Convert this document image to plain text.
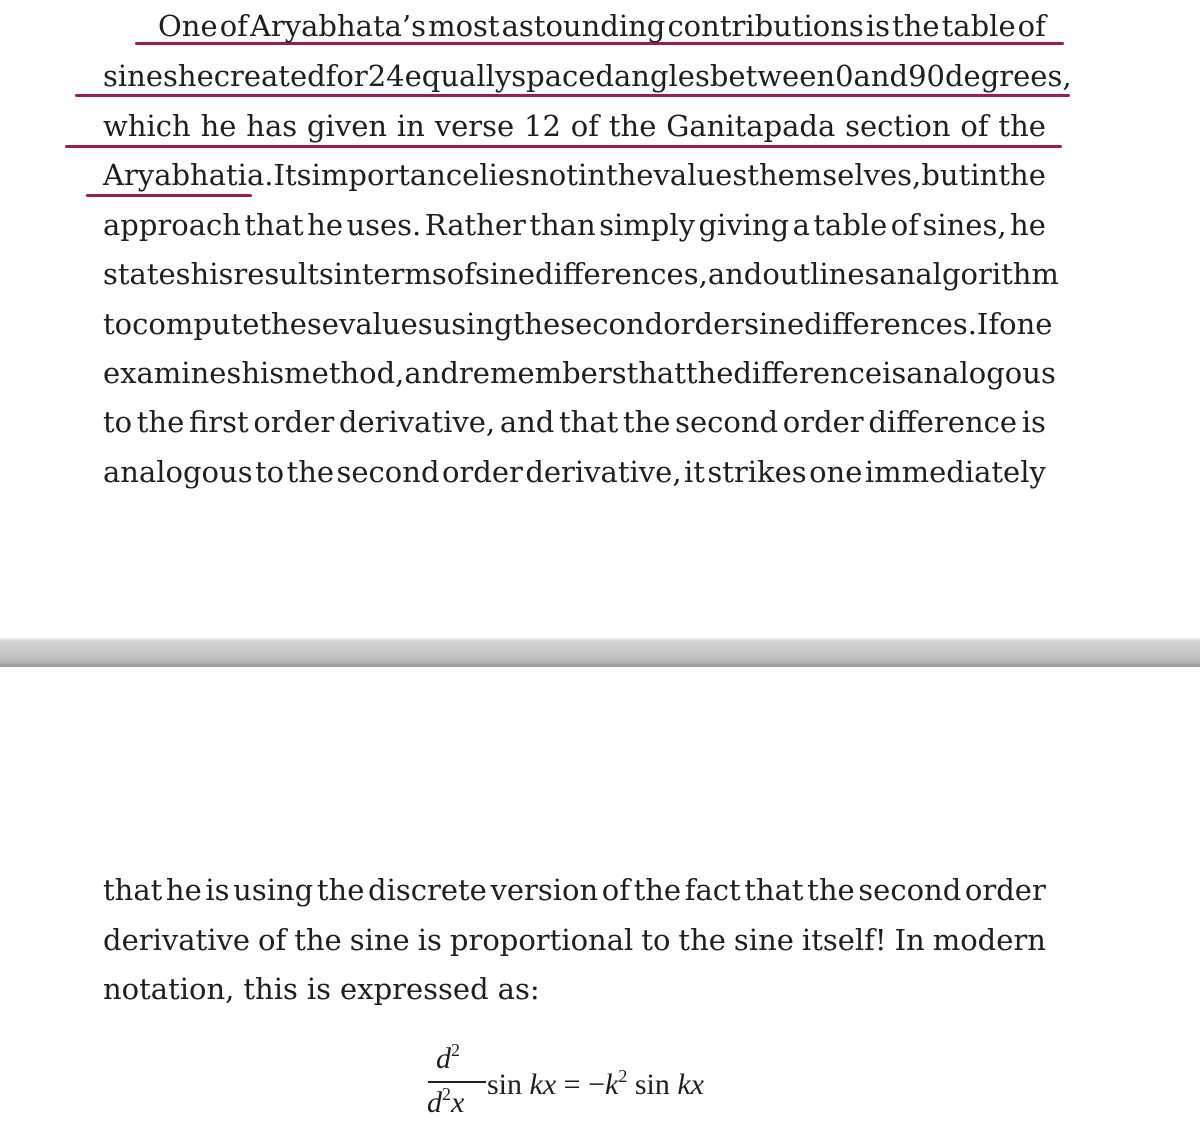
One of Aryabhata’s most astounding contributions is the table of
sines he created for 24 equally spaced angles between 0 and 90 degrees,
which he has given in verse 12 of the Ganitapada section of the
Aryabhatia. Its importance lies not in the values themselves, but in the
approach that he uses. Rather than simply giving a table of sines, he
states his results in terms of sine differences, and outlines an algorithm
to compute these values using the second order sine differences. If one
examines his method, and remembers that the difference is analogous
to the first order derivative, and that the second order difference is
analogous to the second order derivative, it strikes one immediately
that he is using the discrete version of the fact that the second order
derivative of the sine is proportional to the sine itself! In modern
notation, this is expressed as:
$d^2$
$d^2x$
sin kx = $-k^2$ sin kx
